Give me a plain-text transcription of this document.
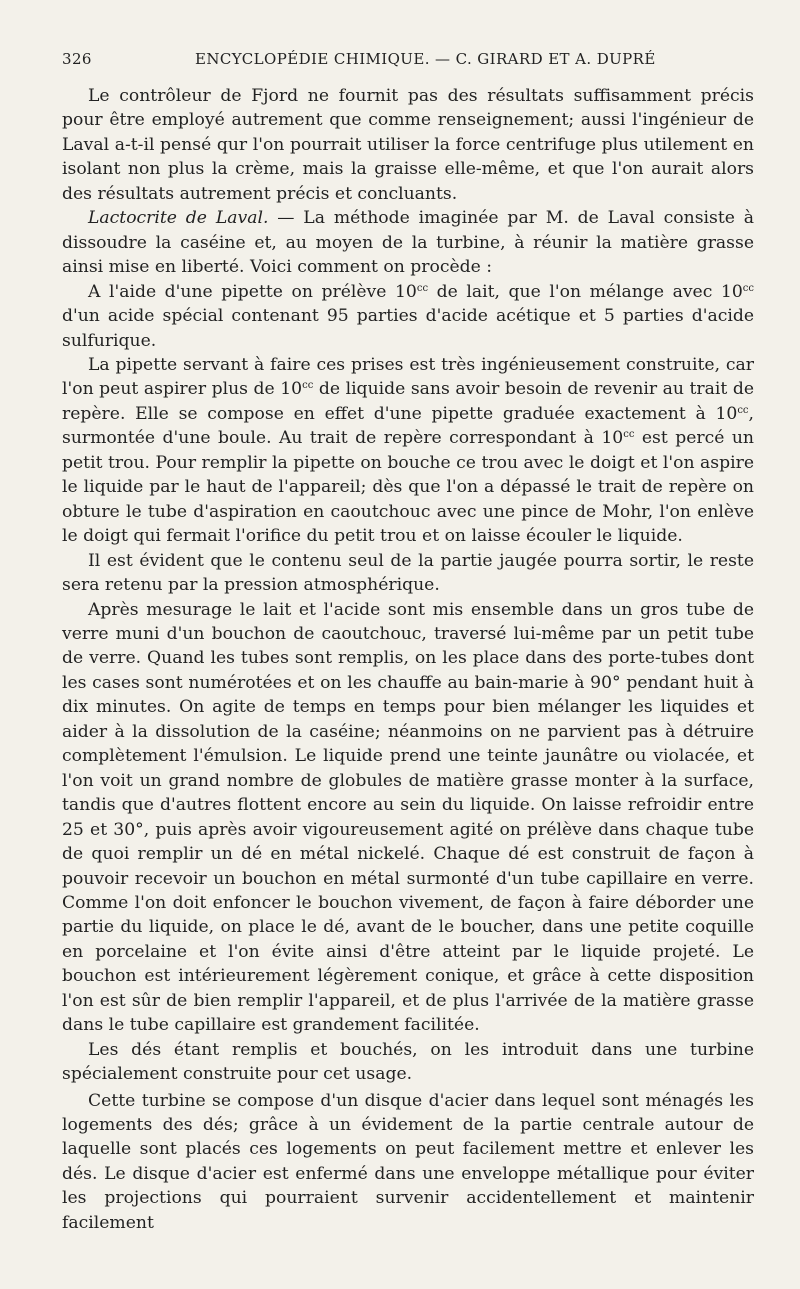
326	ENCYCLOPÉDIE CHIMIQUE. — C. GIRARD ET A. DUPRÉ

Le contrôleur de Fjord ne fournit pas des résultats suffisamment précis pour être employé autrement que comme renseignement; aussi l'ingénieur de Laval a-t-il pensé qur l'on pourrait utiliser la force centrifuge plus utilement en isolant non plus la crème, mais la graisse elle-même, et que l'on aurait alors des résultats autrement précis et concluants.

Lactocrite de Laval. — La méthode imaginée par M. de Laval consiste à dissoudre la caséine et, au moyen de la turbine, à réunir la matière grasse ainsi mise en liberté. Voici comment on procède :

A l'aide d'une pipette on prélève $10^{cc}$ de lait, que l'on mélange avec $10^{cc}$ d'un acide spécial contenant 95 parties d'acide acétique et 5 parties d'acide sulfurique.

La pipette servant à faire ces prises est très ingénieusement construite, car l'on peut aspirer plus de $10^{cc}$ de liquide sans avoir besoin de revenir au trait de repère. Elle se compose en effet d'une pipette graduée exactement à $10^{cc}$, surmontée d'une boule. Au trait de repère correspondant à $10^{cc}$ est percé un petit trou. Pour remplir la pipette on bouche ce trou avec le doigt et l'on aspire le liquide par le haut de l'appareil; dès que l'on a dépassé le trait de repère on obture le tube d'aspiration en caoutchouc avec une pince de Mohr, l'on enlève le doigt qui fermait l'orifice du petit trou et on laisse écouler le liquide.

Il est évident que le contenu seul de la partie jaugée pourra sortir, le reste sera retenu par la pression atmosphérique.

Après mesurage le lait et l'acide sont mis ensemble dans un gros tube de verre muni d'un bouchon de caoutchouc, traversé lui-même par un petit tube de verre. Quand les tubes sont remplis, on les place dans des porte-tubes dont les cases sont numérotées et on les chauffe au bain-marie à 90° pendant huit à dix minutes. On agite de temps en temps pour bien mélanger les liquides et aider à la dissolution de la caséine; néanmoins on ne parvient pas à détruire complètement l'émulsion. Le liquide prend une teinte jaunâtre ou violacée, et l'on voit un grand nombre de globules de matière grasse monter à la surface, tandis que d'autres flottent encore au sein du liquide. On laisse refroidir entre 25 et 30°, puis après avoir vigoureusement agité on prélève dans chaque tube de quoi remplir un dé en métal nickelé. Chaque dé est construit de façon à pouvoir recevoir un bouchon en métal surmonté d'un tube capillaire en verre. Comme l'on doit enfoncer le bouchon vivement, de façon à faire déborder une partie du liquide, on place le dé, avant de le boucher, dans une petite coquille en porcelaine et l'on évite ainsi d'être atteint par le liquide projeté. Le bouchon est intérieurement légèrement conique, et grâce à cette disposition l'on est sûr de bien remplir l'appareil, et de plus l'arrivée de la matière grasse dans le tube capillaire est grandement facilitée.

Les dés étant remplis et bouchés, on les introduit dans une turbine spécialement construite pour cet usage.

Cette turbine se compose d'un disque d'acier dans lequel sont ménagés les logements des dés; grâce à un évidement de la partie centrale autour de laquelle sont placés ces logements on peut facilement mettre et enlever les dés. Le disque d'acier est enfermé dans une enveloppe métallique pour éviter les projections qui pourraient survenir accidentellement et maintenir facilement
